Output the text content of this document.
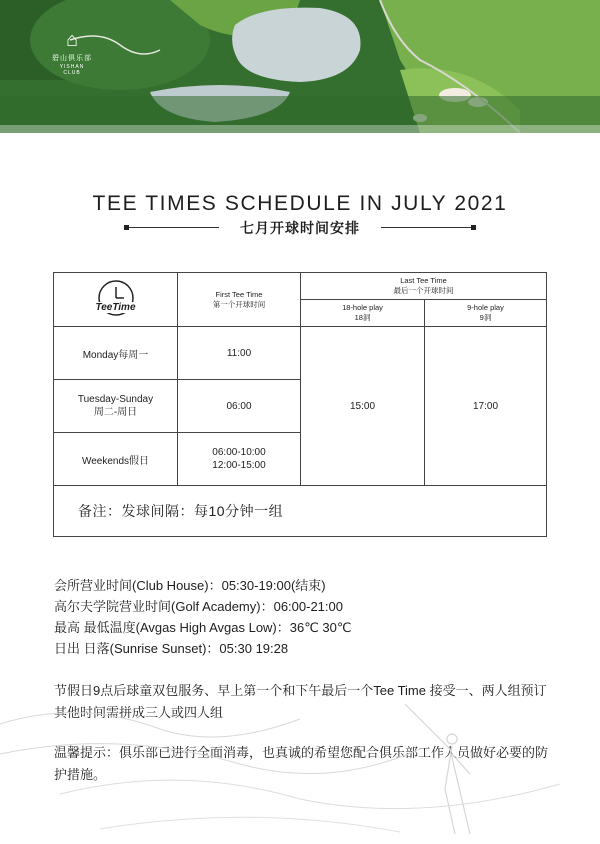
⌂
碧山俱乐部
YISHAN CLUB
TEE TIMES SCHEDULE IN JULY 2021
七月开球时间安排
TeeTime
First Tee Time
第一个开球时间
Last Tee Time
最后一个开球时间
18-hole play
18洞
9-hole play
9洞
Monday每周一	11:00
Tuesday-Sunday
周二-周日
06:00
Weekends假日
06:00-10:00
12:00-15:00
15:00	17:00
备注：发球间隔：每10分钟一组
会所营业时间(Club House)：05:30-19:00(结束)
高尔夫学院营业时间(Golf Academy)：06:00-21:00
最高 最低温度(Avgas High Avgas Low)：36℃ 30℃
日出 日落(Sunrise Sunset)：05:30 19:28
节假日9点后球童双包服务、早上第一个和下午最后一个Tee Time 接受一、两人组预订其他时间需拼成三人或四人组
温馨提示：俱乐部已进行全面消毒，也真诚的希望您配合俱乐部工作人员做好必要的防护措施。
